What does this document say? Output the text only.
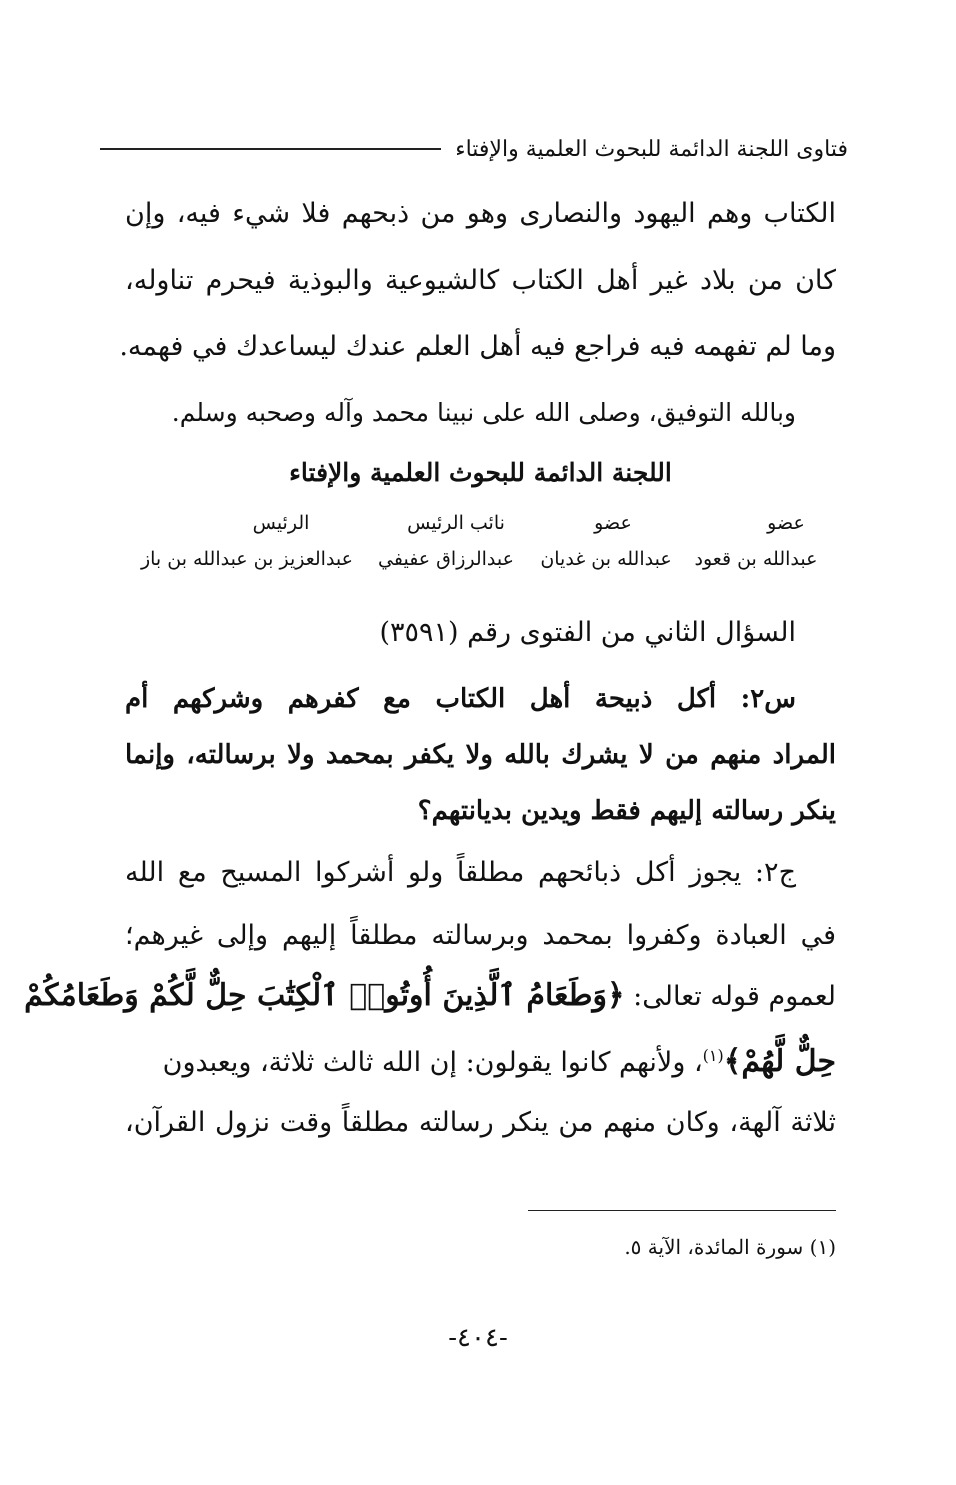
فتاوى اللجنة الدائمة للبحوث العلمية والإفتاء
الكتاب وهم اليهود والنصارى وهو من ذبحهم فلا شيء فيه، وإن
كان من بلاد غير أهل الكتاب كالشيوعية والبوذية فيحرم تناوله،
وما لم تفهمه فيه فراجع فيه أهل العلم عندك ليساعدك في فهمه.
وبالله التوفيق، وصلى الله على نبينا محمد وآله وصحبه وسلم.
اللجنة الدائمة للبحوث العلمية والإفتاء
عضو
عضو
نائب الرئيس
الرئيس
عبدالله بن قعود
عبدالله بن غديان
عبدالرزاق عفيفي
عبدالعزيز بن عبدالله بن باز
السؤال الثاني من الفتوى رقم (٣٥٩١)
س٢: أكل ذبيحة أهل الكتاب مع كفرهم وشركهم أم
المراد منهم من لا يشرك بالله ولا يكفر بمحمد ولا برسالته، وإنما
ينكر رسالته إليهم فقط ويدين بديانتهم؟
ج٢: يجوز أكل ذبائحهم مطلقاً ولو أشركوا المسيح مع الله
في العبادة وكفروا بمحمد وبرسالته مطلقاً إليهم وإلى غيرهم؛
لعموم قوله تعالى: ﴿وَطَعَامُ ٱلَّذِينَ أُوتُوا۟ ٱلْكِتَٰبَ حِلٌّ لَّكُمْ وَطَعَامُكُمْ
حِلٌّ لَّهُمْ﴾$^{(١)}$، ولأنهم كانوا يقولون: إن الله ثالث ثلاثة، ويعبدون
ثلاثة آلهة، وكان منهم من ينكر رسالته مطلقاً وقت نزول القرآن،
(١) سورة المائدة، الآية ٥.
-٤٠٤-
